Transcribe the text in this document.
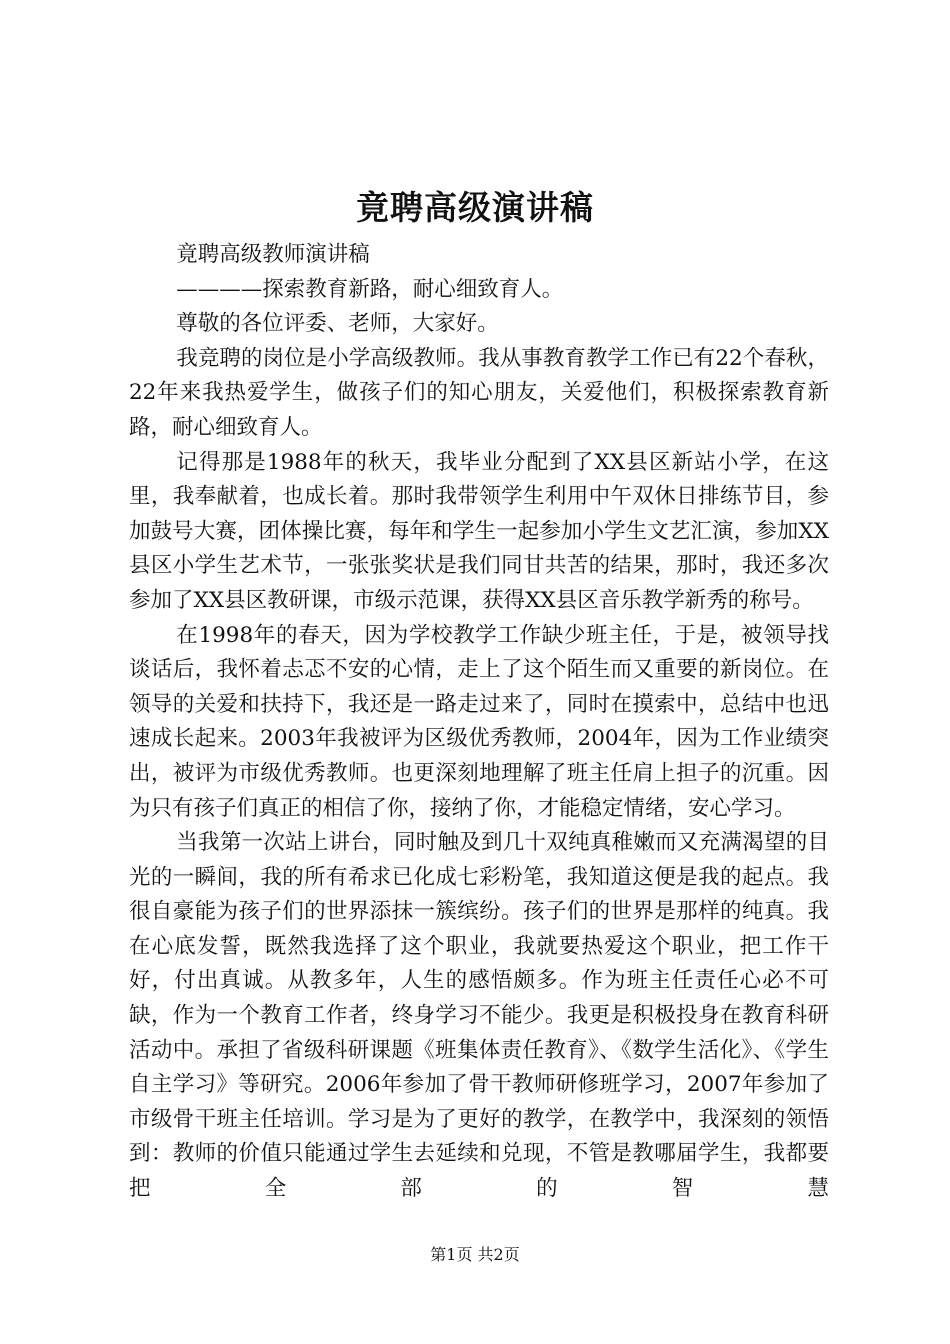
竟聘高级演讲稿

竟聘高级教师演讲稿

————探索教育新路，耐心细致育人。

尊敬的各位评委、老师，大家好。

我竞聘的岗位是小学高级教师。我从事教育教学工作已有22个春秋，22年来我热爱学生，做孩子们的知心朋友，关爱他们，积极探索教育新路，耐心细致育人。

记得那是1988年的秋天，我毕业分配到了XX县区新站小学，在这里，我奉献着，也成长着。那时我带领学生利用中午双休日排练节目，参加鼓号大赛，团体操比赛，每年和学生一起参加小学生文艺汇演，参加XX县区小学生艺术节，一张张奖状是我们同甘共苦的结果，那时，我还多次参加了XX县区教研课，市级示范课，获得XX县区音乐教学新秀的称号。

在1998年的春天，因为学校教学工作缺少班主任，于是，被领导找谈话后，我怀着忐忑不安的心情，走上了这个陌生而又重要的新岗位。在领导的关爱和扶持下，我还是一路走过来了，同时在摸索中，总结中也迅速成长起来。2003年我被评为区级优秀教师，2004年，因为工作业绩突出，被评为市级优秀教师。也更深刻地理解了班主任肩上担子的沉重。因为只有孩子们真正的相信了你，接纳了你，才能稳定情绪，安心学习。

当我第一次站上讲台，同时触及到几十双纯真稚嫩而又充满渴望的目光的一瞬间，我的所有希求已化成七彩粉笔，我知道这便是我的起点。我很自豪能为孩子们的世界添抹一簇缤纷。孩子们的世界是那样的纯真。我在心底发誓，既然我选择了这个职业，我就要热爱这个职业，把工作干好，付出真诚。从教多年，人生的感悟颇多。作为班主任责任心必不可缺，作为一个教育工作者，终身学习不能少。我更是积极投身在教育科研活动中。承担了省级科研课题《班集体责任教育》、《数学生活化》、《学生自主学习》等研究。2006年参加了骨干教师研修班学习，2007年参加了市级骨干班主任培训。学习是为了更好的教学，在教学中，我深刻的领悟到：教师的价值只能通过学生去延续和兑现，不管是教哪届学生，我都要把全部的智慧

第1页 共2页
